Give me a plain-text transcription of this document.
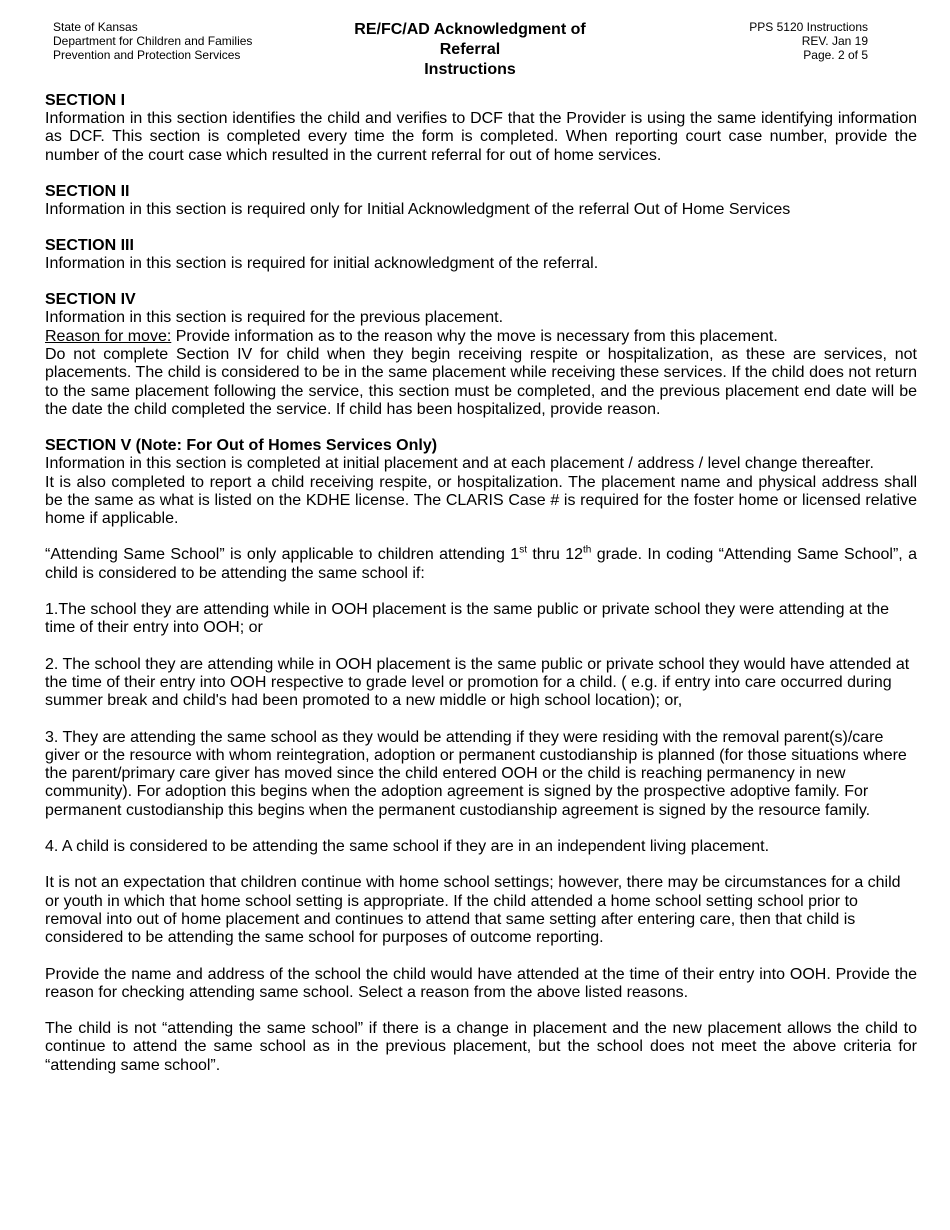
State of Kansas
Department for Children and Families
Prevention and Protection Services
RE/FC/AD Acknowledgment of
Referral
Instructions
PPS 5120 Instructions
REV. Jan 19
Page. 2 of 5
SECTION I

Information in this section identifies the child and verifies to DCF that the Provider is using the same identifying information as DCF. This section is completed every time the form is completed. When reporting court case number, provide the number of the court case which resulted in the current referral for out of home services.

SECTION II

Information in this section is required only for Initial Acknowledgment of the referral Out of Home Services

SECTION III

Information in this section is required for initial acknowledgment of the referral.

SECTION IV

Information in this section is required for the previous placement.

Reason for move: Provide information as to the reason why the move is necessary from this placement.

Do not complete Section IV for child when they begin receiving respite or hospitalization, as these are services, not placements. The child is considered to be in the same placement while receiving these services. If the child does not return to the same placement following the service, this section must be completed, and the previous placement end date will be the date the child completed the service. If child has been hospitalized, provide reason.

SECTION V (Note: For Out of Homes Services Only)

Information in this section is completed at initial placement and at each placement / address / level change thereafter.

It is also completed to report a child receiving respite, or hospitalization. The placement name and physical address shall be the same as what is listed on the KDHE license. The CLARIS Case # is required for the foster home or licensed relative home if applicable.

“Attending Same School” is only applicable to children attending 1st thru 12th grade. In coding “Attending Same School”, a child is considered to be attending the same school if:

1.The school they are attending while in OOH placement is the same public or private school they were attending at the time of their entry into OOH; or

2. The school they are attending while in OOH placement is the same public or private school they would have attended at the time of their entry into OOH respective to grade level or promotion for a child. ( e.g. if entry into care occurred during summer break and child's had been promoted to a new middle or high school location); or,

3. They are attending the same school as they would be attending if they were residing with the removal parent(s)/care giver or the resource with whom reintegration, adoption or permanent custodianship is planned (for those situations where the parent/primary care giver has moved since the child entered OOH or the child is reaching permanency in new community). For adoption this begins when the adoption agreement is signed by the prospective adoptive family. For permanent custodianship this begins when the permanent custodianship agreement is signed by the resource family.

4. A child is considered to be attending the same school if they are in an independent living placement.

It is not an expectation that children continue with home school settings; however, there may be circumstances for a child or youth in which that home school setting is appropriate. If the child attended a home school setting school prior to removal into out of home placement and continues to attend that same setting after entering care, then that child is considered to be attending the same school for purposes of outcome reporting.

Provide the name and address of the school the child would have attended at the time of their entry into OOH. Provide the reason for checking attending same school. Select a reason from the above listed reasons.

The child is not “attending the same school” if there is a change in placement and the new placement allows the child to continue to attend the same school as in the previous placement, but the school does not meet the above criteria for “attending same school”.
